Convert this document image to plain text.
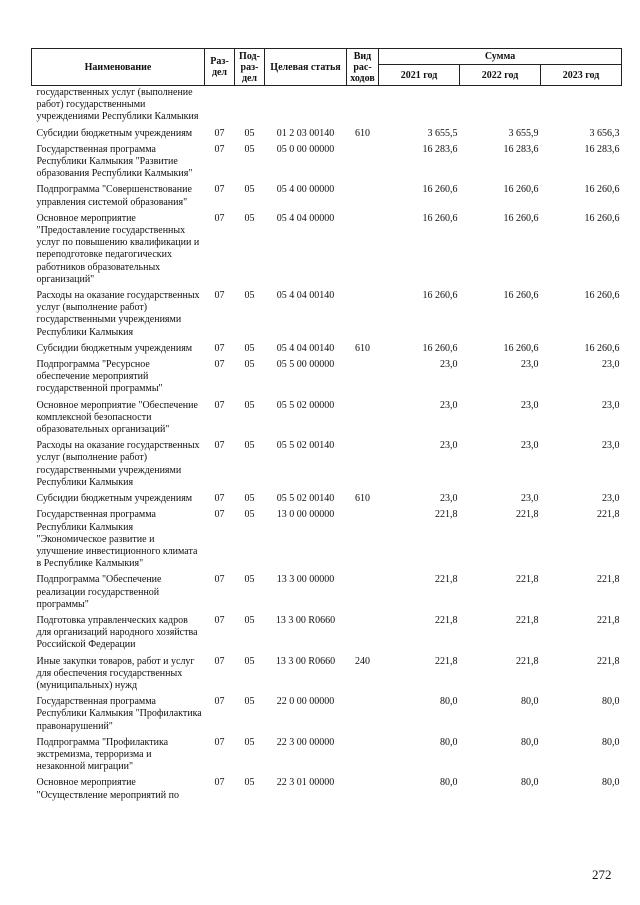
Наименование	Раз- дел	Под- раз- дел	Целевая статья	Вид рас- ходов	Сумма		
					2021 год	2022 год	2023 год
государственных услуг (выполнение работ) государственными учреждениями Республики Калмыкия							
Субсидии бюджетным учреждениям	07	05	01 2 03 00140	610	3 655,5	3 655,9	3 656,3
Государственная программа Республики Калмыкия "Развитие образования Республики Калмыкия"	07	05	05 0 00 00000		16 283,6	16 283,6	16 283,6
Подпрограмма "Совершенствование управления системой образования"	07	05	05 4 00 00000		16 260,6	16 260,6	16 260,6
Основное мероприятие "Предоставление государственных услуг по повышению квалификации и переподготовке педагогических работников образовательных организаций"	07	05	05 4 04 00000		16 260,6	16 260,6	16 260,6
Расходы на оказание государственных услуг (выполнение работ) государственными учреждениями Республики Калмыкия	07	05	05 4 04 00140		16 260,6	16 260,6	16 260,6
Субсидии бюджетным учреждениям	07	05	05 4 04 00140	610	16 260,6	16 260,6	16 260,6
Подпрограмма "Ресурсное обеспечение мероприятий государственной программы"	07	05	05 5 00 00000		23,0	23,0	23,0
Основное мероприятие "Обеспечение комплексной безопасности образовательных организаций"	07	05	05 5 02 00000		23,0	23,0	23,0
Расходы на оказание государственных услуг (выполнение работ) государственными учреждениями Республики Калмыкия	07	05	05 5 02 00140		23,0	23,0	23,0
Субсидии бюджетным учреждениям	07	05	05 5 02 00140	610	23,0	23,0	23,0
Государственная программа Республики Калмыкия "Экономическое развитие и улучшение инвестиционного климата в Республике Калмыкия"	07	05	13 0 00 00000		221,8	221,8	221,8
Подпрограмма "Обеспечение реализации государственной программы"	07	05	13 3 00 00000		221,8	221,8	221,8
Подготовка управленческих кадров для организаций народного хозяйства Российской Федерации	07	05	13 3 00 R0660		221,8	221,8	221,8
Иные закупки товаров, работ и услуг для обеспечения государственных (муниципальных) нужд	07	05	13 3 00 R0660	240	221,8	221,8	221,8
Государственная программа Республики Калмыкия "Профилактика правонарушений"	07	05	22 0 00 00000		80,0	80,0	80,0
Подпрограмма "Профилактика экстремизма, терроризма и незаконной миграции"	07	05	22 3 00 00000		80,0	80,0	80,0
Основное мероприятие "Осуществление мероприятий по	07	05	22 3 01 00000		80,0	80,0	80,0
272
